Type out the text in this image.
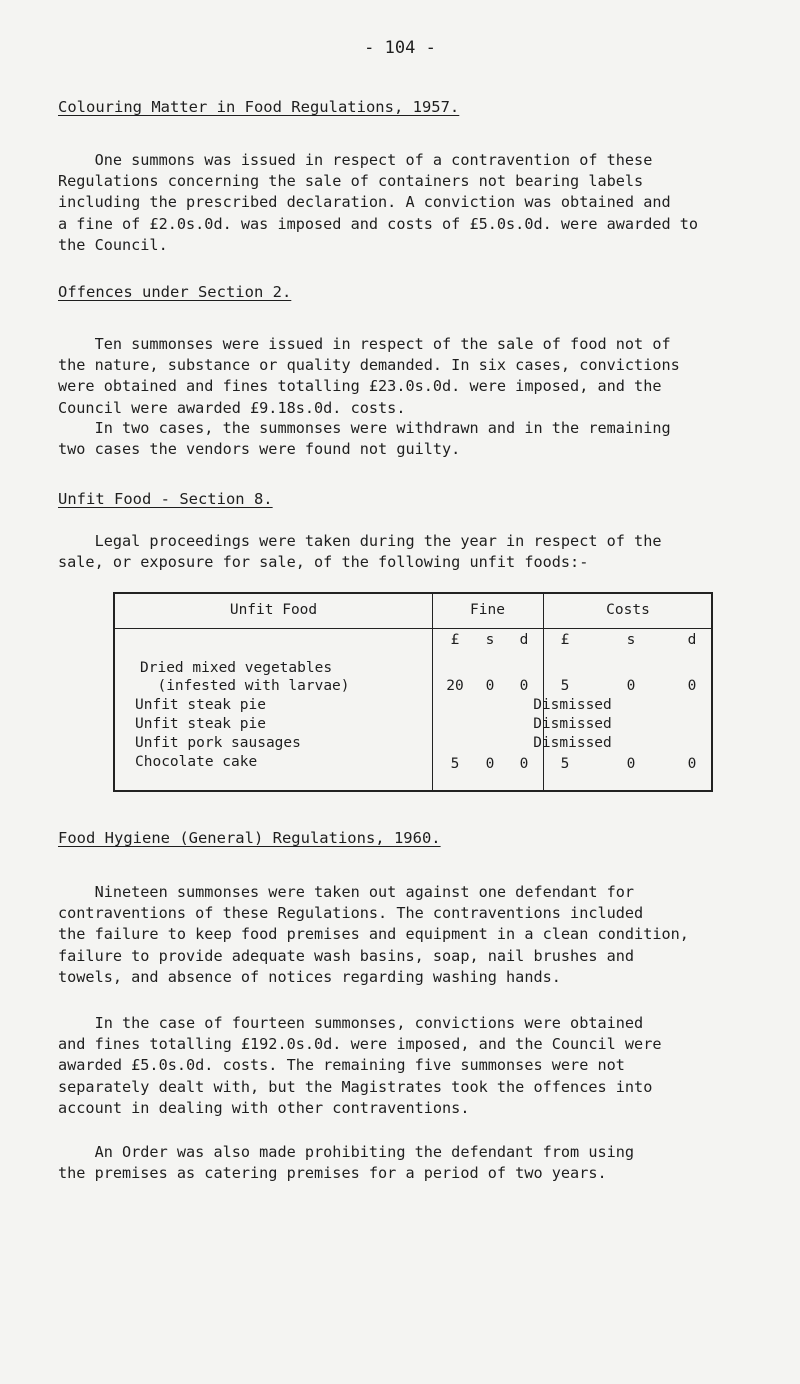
- 104 -
Colouring Matter in Food Regulations, 1957.
One summons was issued in respect of a contravention of these
Regulations concerning the sale of containers not bearing labels
including the prescribed declaration. A conviction was obtained and
a fine of £2.0s.0d. was imposed and costs of £5.0s.0d. were awarded to
the Council.
Offences under Section 2.
Ten summonses were issued in respect of the sale of food not of
the nature, substance or quality demanded. In six cases, convictions
were obtained and fines totalling £23.0s.0d. were imposed, and the
Council were awarded £9.18s.0d. costs.
In two cases, the summonses were withdrawn and in the remaining
two cases the vendors were found not guilty.
Unfit Food - Section 8.
Legal proceedings were taken during the year in respect of the
sale, or exposure for sale, of the following unfit foods:-
Unfit Food	Fine	Costs
£	s	d	£	s	d
Dried mixed vegetables
(infested with larvae)	20	0	0	5	0	0
Unfit steak pie	Dismissed
Unfit steak pie	Dismissed
Unfit pork sausages	Dismissed
Chocolate cake	5	0	0	5	0	0
Food Hygiene (General) Regulations, 1960.
Nineteen summonses were taken out against one defendant for
contraventions of these Regulations. The contraventions included
the failure to keep food premises and equipment in a clean condition,
failure to provide adequate wash basins, soap, nail brushes and
towels, and absence of notices regarding washing hands.
In the case of fourteen summonses, convictions were obtained
and fines totalling £192.0s.0d. were imposed, and the Council were
awarded £5.0s.0d. costs. The remaining five summonses were not
separately dealt with, but the Magistrates took the offences into
account in dealing with other contraventions.
An Order was also made prohibiting the defendant from using
the premises as catering premises for a period of two years.
